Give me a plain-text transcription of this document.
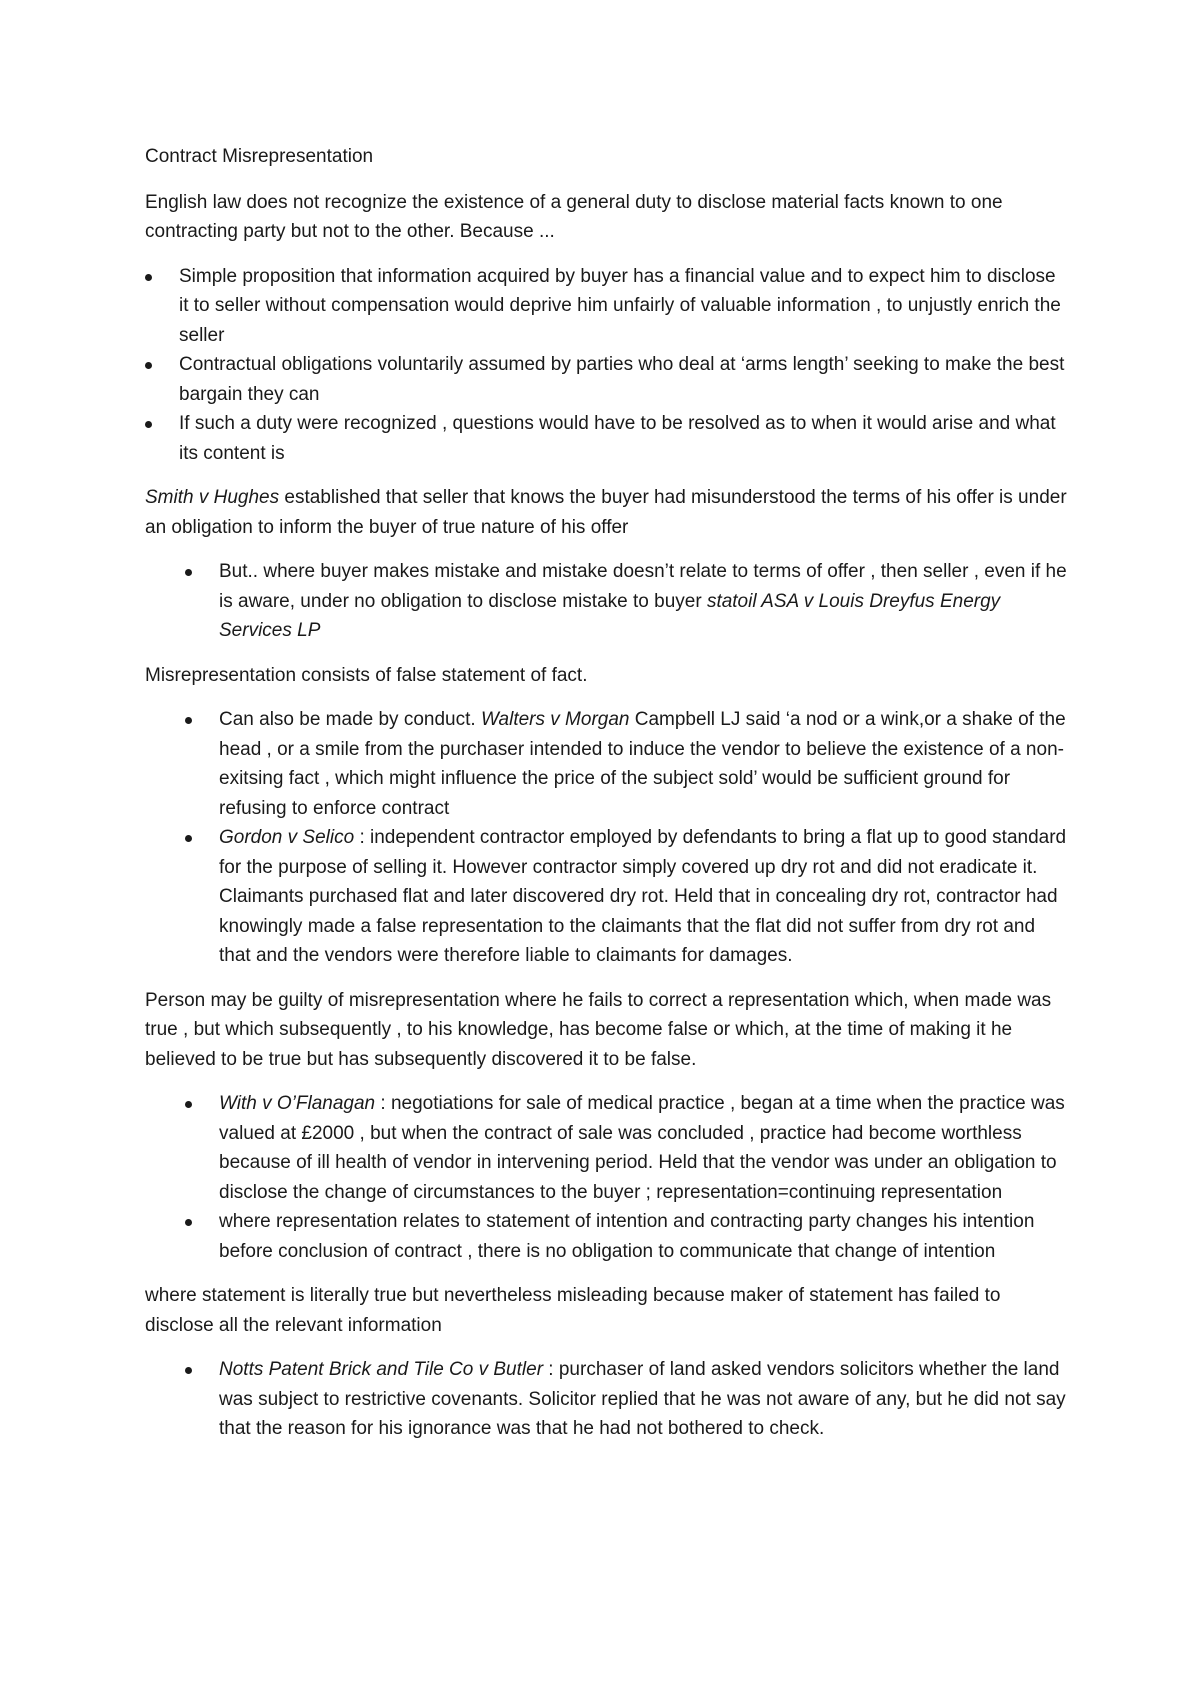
Contract Misrepresentation

English law does not recognize the existence of a general duty to disclose material facts known to one contracting party but not to the other. Because ...

Simple proposition that information acquired by buyer has a financial value and to expect him to disclose it to seller without compensation would deprive him unfairly of valuable information , to unjustly enrich the seller
Contractual obligations voluntarily assumed by parties who deal at ‘arms length’ seeking to make the best bargain they can
If such a duty were recognized , questions would have to be resolved as to when it would arise and what its content is

Smith v Hughes established that seller that knows the buyer had misunderstood the terms of his offer is under an obligation to inform the buyer of true nature of his offer

But.. where buyer makes mistake and mistake doesn’t relate to terms of offer , then seller , even if he is aware, under no obligation to disclose mistake to buyer statoil ASA v Louis Dreyfus Energy Services LP

Misrepresentation consists of false statement of fact.

Can also be made by conduct. Walters v Morgan Campbell LJ said ‘a nod or a wink,or a shake of the head , or a smile from the purchaser intended to induce the vendor to believe the existence of a non-exitsing fact , which might influence the price of the subject sold’ would be sufficient ground for refusing to enforce contract
Gordon v Selico : independent contractor employed by defendants to bring a flat up to good standard for the purpose of selling it. However contractor simply covered up dry rot and did not eradicate it. Claimants purchased flat and later discovered dry rot. Held that in concealing dry rot, contractor had knowingly made a false representation to the claimants that the flat did not suffer from dry rot and that and the vendors were therefore liable to claimants for damages.

Person may be guilty of misrepresentation where he fails to correct a representation which, when made was true , but which subsequently , to his knowledge, has become false or which, at the time of making it he believed to be true but has subsequently discovered it to be false.

With v O’Flanagan : negotiations for sale of medical practice , began at a time when the practice was valued at £2000 , but when the contract of sale was concluded , practice had become worthless because of ill health of vendor in intervening period. Held that the vendor was under an obligation to disclose the change of circumstances to the buyer ; representation=continuing representation
where representation relates to statement of intention and contracting party changes his intention before conclusion of contract , there is no obligation to communicate that change of intention

where statement is literally true but nevertheless misleading because maker of statement has failed to disclose all the relevant information

Notts Patent Brick and Tile Co v Butler : purchaser of land asked vendors solicitors whether the land was subject to restrictive covenants. Solicitor replied that he was not aware of any, but he did not say that the reason for his ignorance was that he had not bothered to check.
